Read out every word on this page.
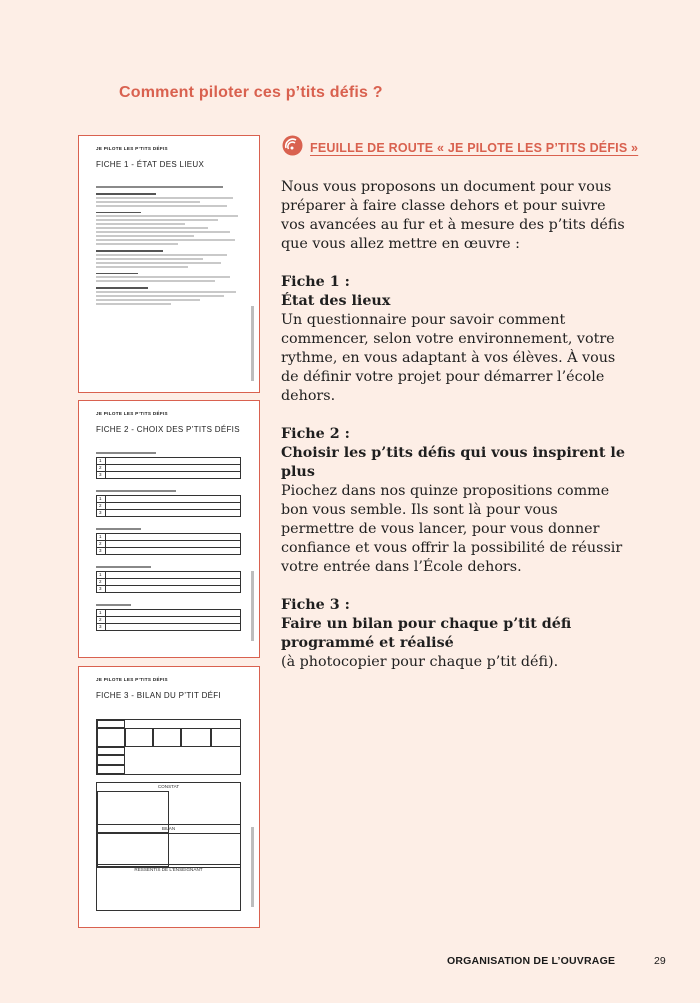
Comment piloter ces p’tits défis ?
JE PILOTE LES P’TITS DÉFIS
FICHE 1 - ÉTAT DES LIEUX
JE PILOTE LES P’TITS DÉFIS
FICHE 2 - CHOIX DES P’TITS DÉFIS
1	
2	
3	
1	
2	
3	
1	
2	
3	
1	
2	
3	
1	
2	
3	
JE PILOTE LES P’TITS DÉFIS
FICHE 3 - BILAN DU P’TIT DÉFI
CONSTAT
BILAN
RESSENTIS DE L’ENSEIGNANT
FEUILLE DE ROUTE « JE PILOTE LES P’TITS DÉFIS »

Nous vous proposons un document pour vous préparer à faire classe dehors et pour suivre vos avancées au fur et à mesure des p’tits défis que vous allez mettre en œuvre :

Fiche 1 :

État des lieux

Un questionnaire pour savoir comment commencer, selon votre environnement, votre rythme, en vous adaptant à vos élèves. À vous de définir votre projet pour démarrer l’école dehors.

Fiche 2 :

Choisir les p’tits défis qui vous inspirent le plus

Piochez dans nos quinze propositions comme bon vous semble. Ils sont là pour vous permettre de vous lancer, pour vous donner confiance et vous offrir la possibilité de réussir votre entrée dans l’École dehors.

Fiche 3 :

Faire un bilan pour chaque p’tit défi programmé et réalisé

(à photocopier pour chaque p’tit défi).

ORGANISATION DE L’OUVRAGE	29
